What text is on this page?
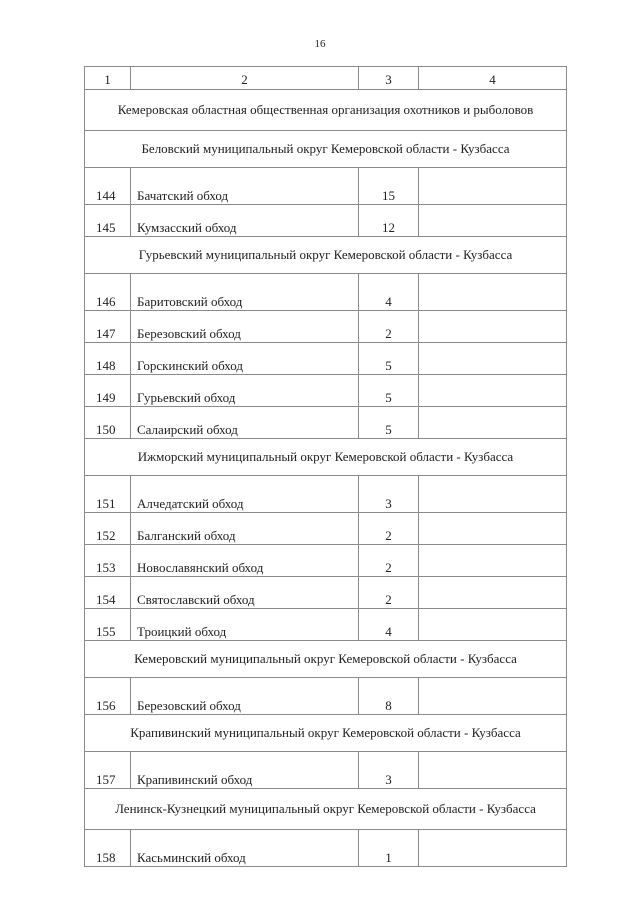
16
1	2	3	4
Кемеровская областная общественная организация охотников и рыболовов			
Беловский муниципальный округ Кемеровской области - Кузбасса			
144	Бачатский обход	15	
145	Кумзасский обход	12	
Гурьевский муниципальный округ Кемеровской области - Кузбасса			
146	Баритовский обход	4	
147	Березовский обход	2	
148	Горскинский обход	5	
149	Гурьевский обход	5	
150	Салаирский обход	5	
Ижморский муниципальный округ Кемеровской области - Кузбасса			
151	Алчедатский обход	3	
152	Балганский обход	2	
153	Новославянский обход	2	
154	Святославский обход	2	
155	Троицкий обход	4	
Кемеровский муниципальный округ Кемеровской области - Кузбасса			
156	Березовский обход	8	
Крапивинский муниципальный округ Кемеровской области - Кузбасса			
157	Крапивинский обход	3	
Ленинск-Кузнецкий муниципальный округ Кемеровской области - Кузбасса			
158	Касьминский обход	1	
